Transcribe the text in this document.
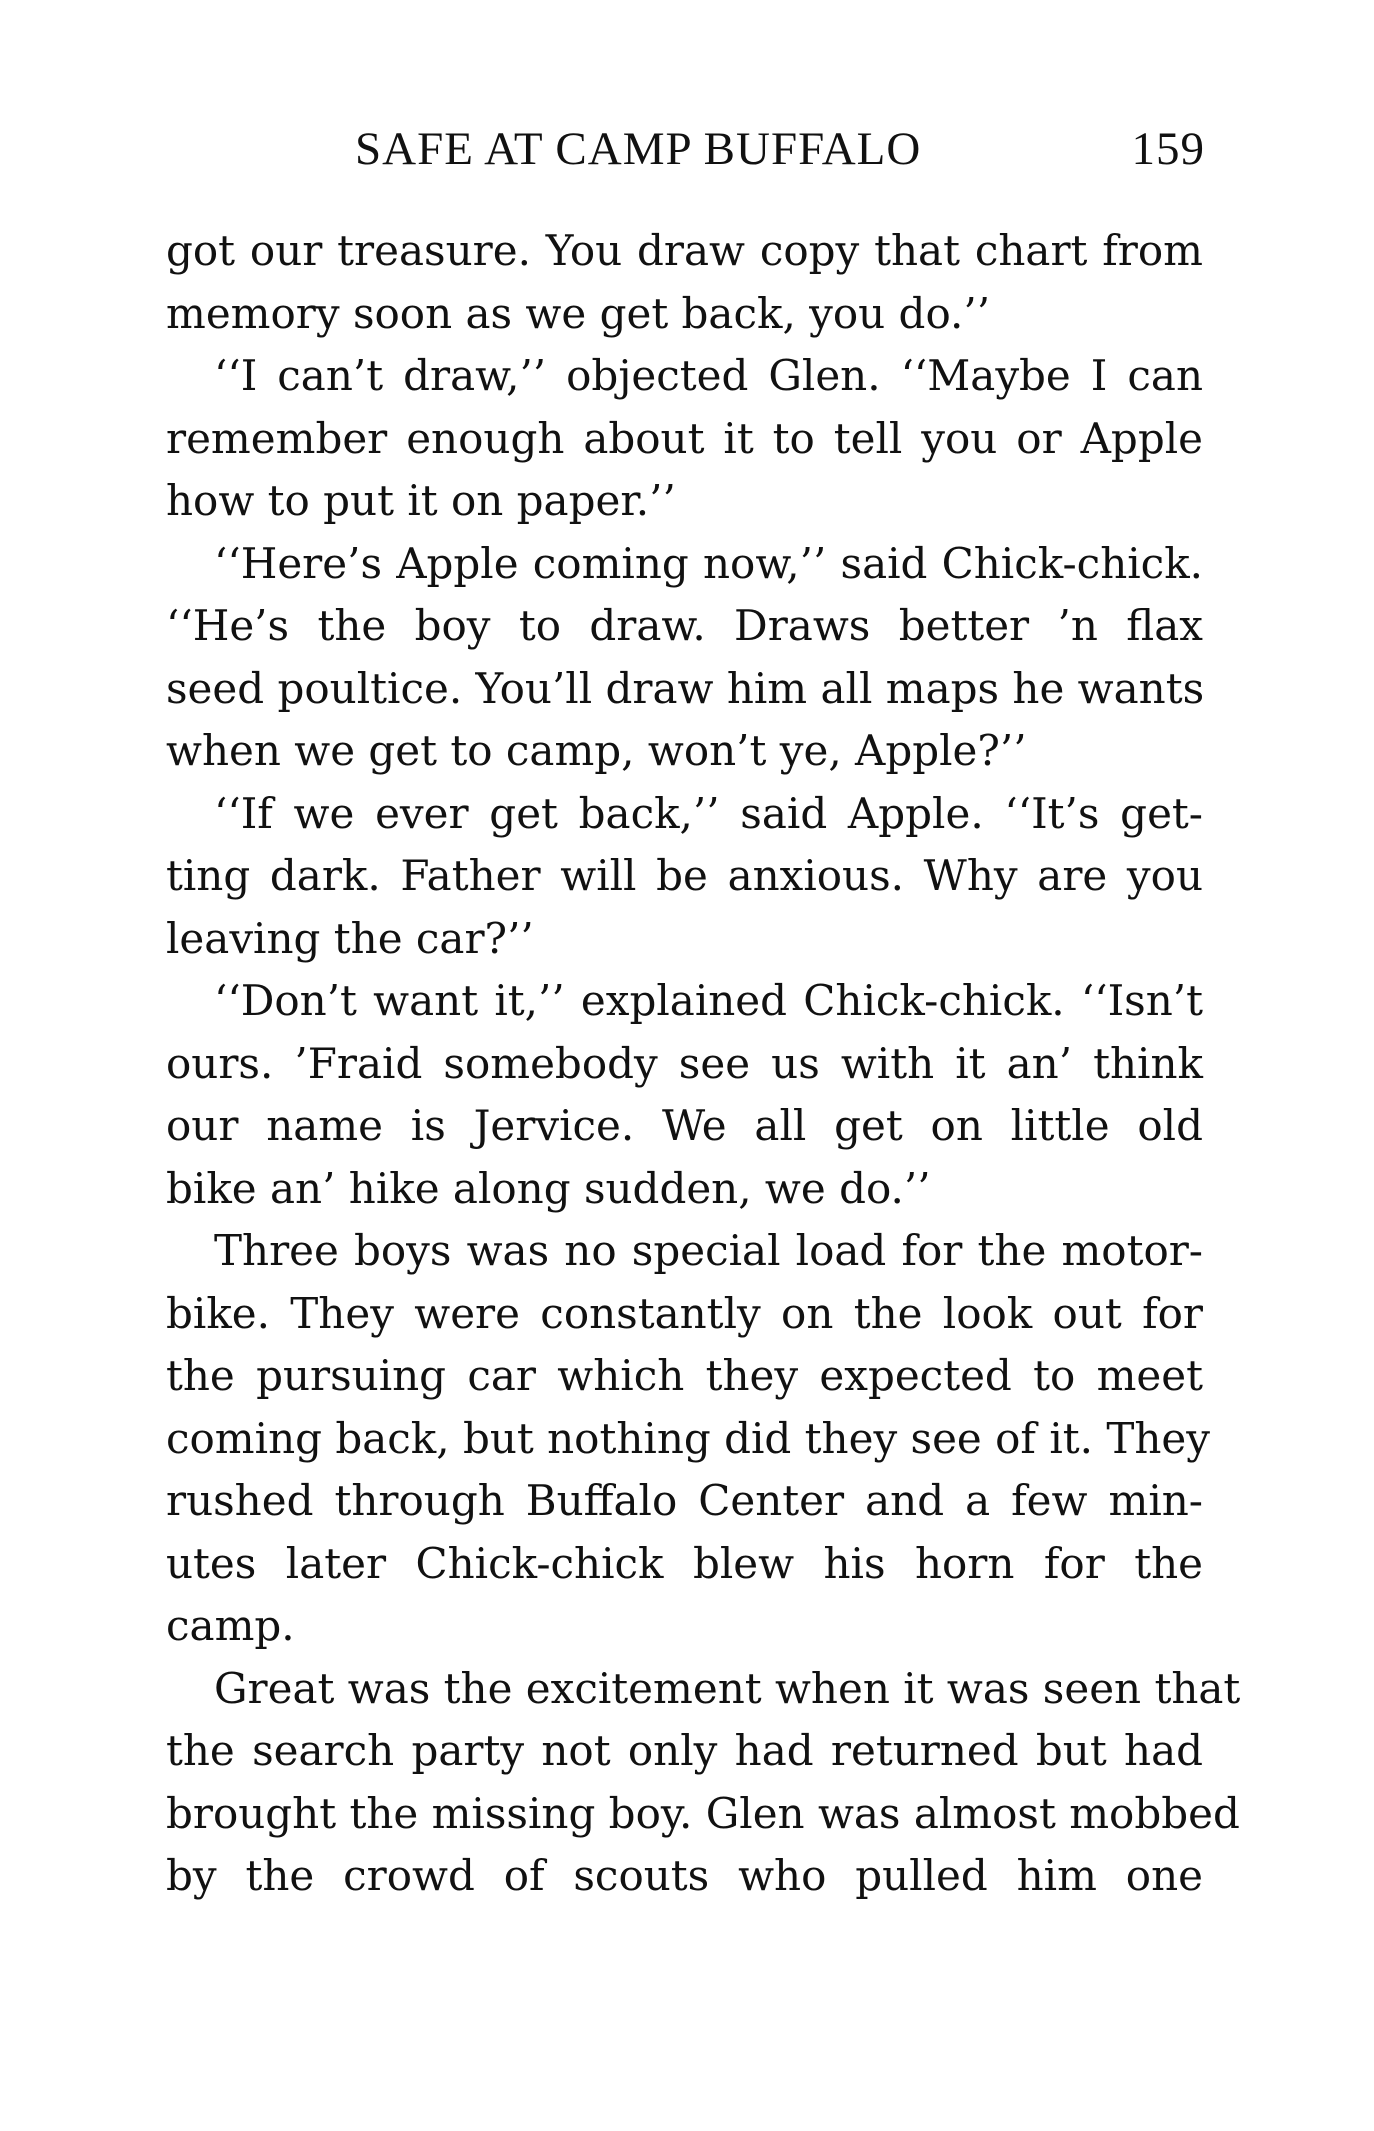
SAFE AT CAMP BUFFALO	159
got our treasure. You draw copy that chart from
memory soon as we get back, you do.’’
‘‘I can’t draw,’’ objected Glen. ‘‘Maybe I can
remember enough about it to tell you or Apple
how to put it on paper.’’
‘‘Here’s Apple coming now,’’ said Chick-chick.
‘‘He’s the boy to draw. Draws better ’n flax
seed poultice. You’ll draw him all maps he wants
when we get to camp, won’t ye, Apple?’’
‘‘If we ever get back,’’ said Apple. ‘‘It’s get-
ting dark. Father will be anxious. Why are you
leaving the car?’’
‘‘Don’t want it,’’ explained Chick-chick. ‘‘Isn’t
ours. ’Fraid somebody see us with it an’ think
our name is Jervice. We all get on little old
bike an’ hike along sudden, we do.’’
Three boys was no special load for the motor-
bike. They were constantly on the look out for
the pursuing car which they expected to meet
coming back, but nothing did they see of it. They
rushed through Buffalo Center and a few min-
utes later Chick-chick blew his horn for the
camp.
Great was the excitement when it was seen that
the search party not only had returned but had
brought the missing boy. Glen was almost mobbed
by the crowd of scouts who pulled him one
